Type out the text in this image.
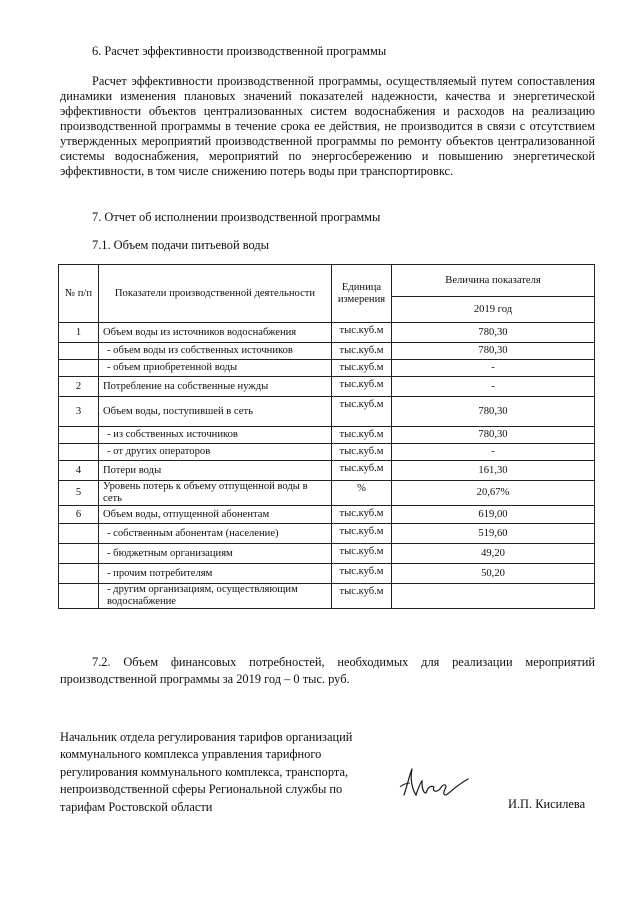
6. Расчет эффективности производственной программы
Расчет эффективности производственной программы, осуществляемый путем сопоставления динамики изменения плановых значений показателей надежности, качества и энергетической эффективности объектов централизованных систем водоснабжения и расходов на реализацию производственной программы в течение срока ее действия, не производится в связи с отсутствием утвержденных мероприятий производственной программы по ремонту объектов централизованной системы водоснабжения, мероприятий по энергосбережению и повышению энергетической эффективности, в том числе снижению потерь воды при транспортировкс.
7. Отчет об исполнении производственной программы
7.1. Объем подачи питьевой воды
№ п/п	Показатели производственной деятельности	Единица измерения	Величина показателя
			2019 год
1	Объем воды из источников водоснабжения	тыс.куб.м	780,30
	- объем воды из собственных источников	тыс.куб.м	780,30
	- объем приобретенной воды	тыс.куб.м	-
2	Потребление на собственные нужды	тыс.куб.м	-
3	Объем воды, поступившей в сеть	тыс.куб.м	780,30
	- из собственных источников	тыс.куб.м	780,30
	- от других операторов	тыс.куб.м	-
4	Потери воды	тыс.куб.м	161,30
5	Уровень потерь к объему отпущенной воды в сеть	%	20,67%
6	Объем воды, отпущенной абонентам	тыс.куб.м	619,00
	- собственным абонентам (население)	тыс.куб.м	519,60
	- бюджетным организациям	тыс.куб.м	49,20
	- прочим потребителям	тыс.куб.м	50,20
	- другим организациям, осуществляющим водоснабжение	тыс.куб.м	
7.2. Объем финансовых потребностей, необходимых для реализации мероприятий производственной программы за 2019 год – 0 тыс. руб.
Начальник отдела регулирования тарифов организаций коммунального комплекса управления тарифного регулирования коммунального комплекса, транспорта, непроизводственной сферы Региональной службы по тарифам Ростовской области	И.П. Кисилева
